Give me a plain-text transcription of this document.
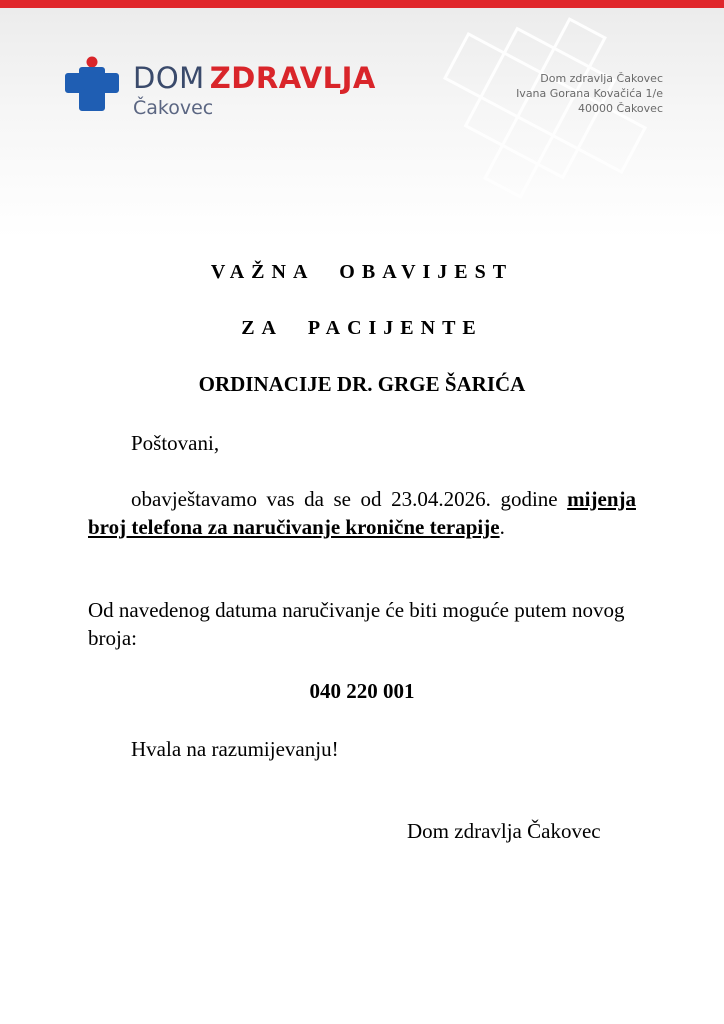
DOM ZDRAVLJA
Čakovec
Dom zdravlja Čakovec
Ivana Gorana Kovačića 1/e
40000 Čakovec
VAŽNA OBAVIJEST
ZA PACIJENTE
ORDINACIJE DR. GRGE ŠARIĆA
Poštovani,
obavještavamo vas da se od 23.04.2026. godine mijenja broj telefona za naručivanje kronične terapije.
Od navedenog datuma naručivanje će biti moguće putem novog broja:
040 220 001
Hvala na razumijevanju!
Dom zdravlja Čakovec
